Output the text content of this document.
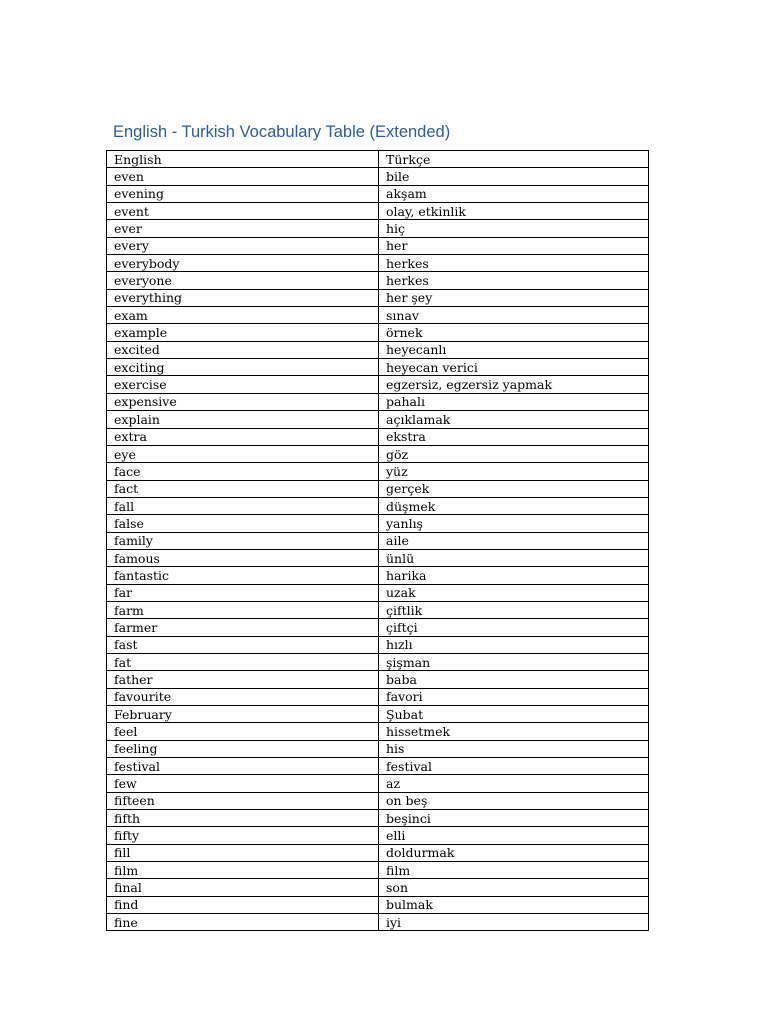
English - Turkish Vocabulary Table (Extended)
English	Türkçe
even	bile
evening	akşam
event	olay, etkinlik
ever	hiç
every	her
everybody	herkes
everyone	herkes
everything	her şey
exam	sınav
example	örnek
excited	heyecanlı
exciting	heyecan verici
exercise	egzersiz, egzersiz yapmak
expensive	pahalı
explain	açıklamak
extra	ekstra
eye	göz
face	yüz
fact	gerçek
fall	düşmek
false	yanlış
family	aile
famous	ünlü
fantastic	harika
far	uzak
farm	çiftlik
farmer	çiftçi
fast	hızlı
fat	şişman
father	baba
favourite	favori
February	Şubat
feel	hissetmek
feeling	his
festival	festival
few	az
fifteen	on beş
fifth	beşinci
fifty	elli
fill	doldurmak
film	film
final	son
find	bulmak
fine	iyi
